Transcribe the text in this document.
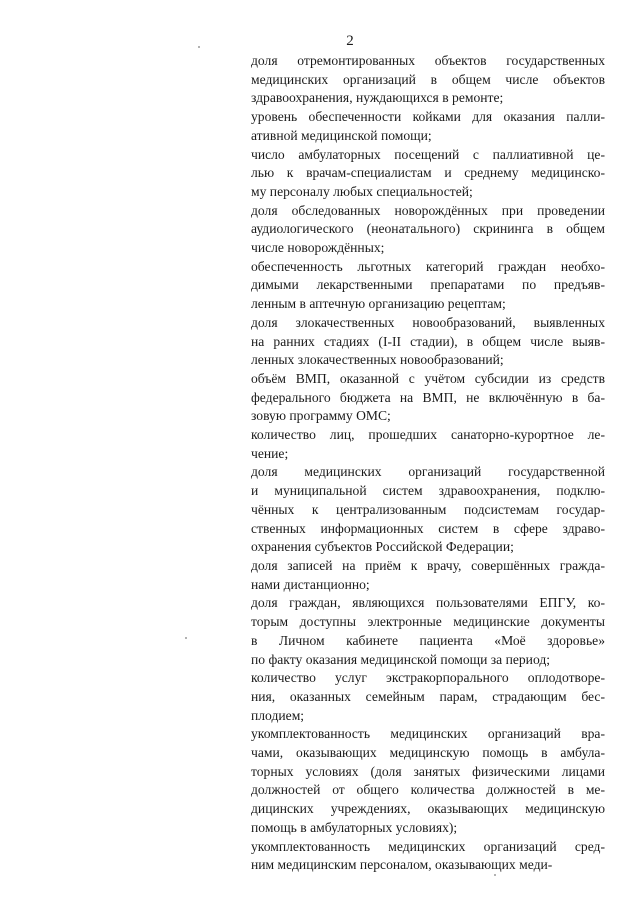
2
доля отремонтированных объектов государственных
медицинских организаций в общем числе объектов
здравоохранения, нуждающихся в ремонте;
уровень обеспеченности койками для оказания палли-
ативной медицинской помощи;
число амбулаторных посещений с паллиативной це-
лью к врачам-специалистам и среднему медицинско-
му персоналу любых специальностей;
доля обследованных новорождённых при проведении
аудиологического (неонатального) скрининга в общем
числе новорождённых;
обеспеченность льготных категорий граждан необхо-
димыми лекарственными препаратами по предъяв-
ленным в аптечную организацию рецептам;
доля злокачественных новообразований, выявленных
на ранних стадиях (I-II стадии), в общем числе выяв-
ленных злокачественных новообразований;
объём ВМП, оказанной с учётом субсидии из средств
федерального бюджета на ВМП, не включённую в ба-
зовую программу ОМС;
количество лиц, прошедших санаторно-курортное ле-
чение;
доля медицинских организаций государственной
и муниципальной систем здравоохранения, подклю-
чённых к централизованным подсистемам государ-
ственных информационных систем в сфере здраво-
охранения субъектов Российской Федерации;
доля записей на приём к врачу, совершённых гражда-
нами дистанционно;
доля граждан, являющихся пользователями ЕПГУ, ко-
торым доступны электронные медицинские документы
в Личном кабинете пациента «Моё здоровье»
по факту оказания медицинской помощи за период;
количество услуг экстракорпорального оплодотворе-
ния, оказанных семейным парам, страдающим бес-
плодием;
укомплектованность медицинских организаций вра-
чами, оказывающих медицинскую помощь в амбула-
торных условиях (доля занятых физическими лицами
должностей от общего количества должностей в ме-
дицинских учреждениях, оказывающих медицинскую
помощь в амбулаторных условиях);
укомплектованность медицинских организаций сред-
ним медицинским персоналом, оказывающих меди-
